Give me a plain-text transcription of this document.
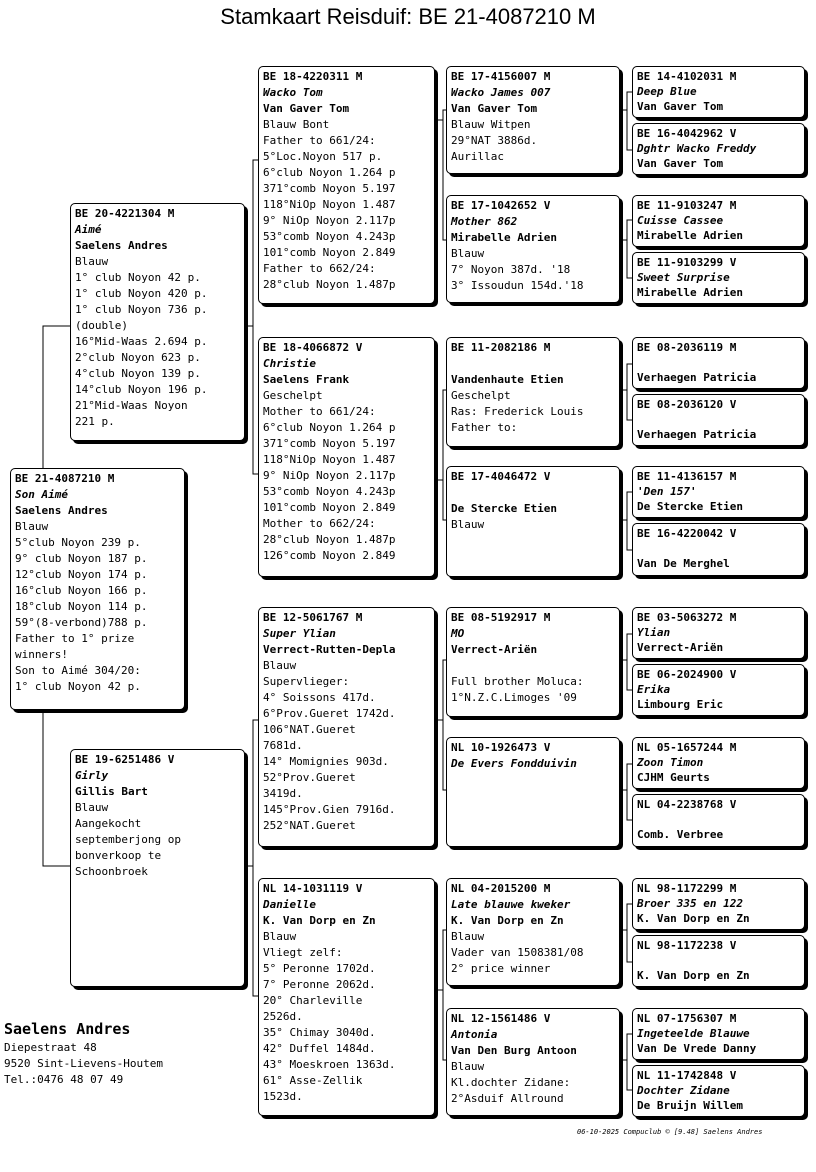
Stamkaart Reisduif: BE 21-4087210 M
BE 21-4087210 M
Son Aimé
Saelens Andres
Blauw
5°club Noyon 239 p.
9° club Noyon 187 p.
12°club Noyon 174 p.
16°club Noyon 166 p.
18°club Noyon 114 p.
59°(8-verbond)788 p.
Father to 1° prize
winners!
Son to Aimé 304/20:
1° club Noyon 42 p.
BE 20-4221304 M
Aimé
Saelens Andres
Blauw
1° club Noyon 42 p.
1° club Noyon 420 p.
1° club Noyon 736 p.
(double)
16°Mid-Waas 2.694 p.
2°club Noyon 623 p.
4°club Noyon 139 p.
14°club Noyon 196 p.
21°Mid-Waas Noyon
221 p.
BE 19-6251486 V
Girly
Gillis Bart
Blauw
Aangekocht
septemberjong op
bonverkoop te
Schoonbroek
BE 18-4220311 M
Wacko Tom
Van Gaver Tom
Blauw Bont
Father to 661/24:
5°Loc.Noyon 517 p.
6°club Noyon 1.264 p
371°comb Noyon 5.197
118°NiOp Noyon 1.487
9° NiOp Noyon 2.117p
53°comb Noyon 4.243p
101°comb Noyon 2.849
Father to 662/24:
28°club Noyon 1.487p
BE 18-4066872 V
Christie
Saelens Frank
Geschelpt
Mother to 661/24:
6°club Noyon 1.264 p
371°comb Noyon 5.197
118°NiOp Noyon 1.487
9° NiOp Noyon 2.117p
53°comb Noyon 4.243p
101°comb Noyon 2.849
Mother to 662/24:
28°club Noyon 1.487p
126°comb Noyon 2.849
BE 12-5061767 M
Super Ylian
Verrect-Rutten-Depla
Blauw
Supervlieger:
4° Soissons 417d.
6°Prov.Gueret 1742d.
106°NAT.Gueret
7681d.
14° Momignies 903d.
52°Prov.Gueret
3419d.
145°Prov.Gien 7916d.
252°NAT.Gueret
NL 14-1031119 V
Danielle
K. Van Dorp en Zn
Blauw
Vliegt zelf:
5° Peronne 1702d.
7° Peronne 2062d.
20° Charleville
2526d.
35° Chimay 3040d.
42° Duffel 1484d.
43° Moeskroen 1363d.
61° Asse-Zellik
1523d.
BE 17-4156007 M
Wacko James 007
Van Gaver Tom
Blauw Witpen
29°NAT 3886d.
Aurillac
BE 17-1042652 V
Mother 862
Mirabelle Adrien
Blauw
7° Noyon 387d. '18
3° Issoudun 154d.'18
BE 11-2082186 M
Vandenhaute Etien
Geschelpt
Ras: Frederick Louis
Father to:
BE 17-4046472 V
De Stercke Etien
Blauw
BE 08-5192917 M
MO
Verrect-Ariën
Full brother Moluca:
1°N.Z.C.Limoges '09
NL 10-1926473 V
De Evers Fondduivin
NL 04-2015200 M
Late blauwe kweker
K. Van Dorp en Zn
Blauw
Vader van 1508381/08
2° price winner
NL 12-1561486 V
Antonia
Van Den Burg Antoon
Blauw
Kl.dochter Zidane:
2°Asduif Allround
BE 14-4102031 M
Deep Blue
Van Gaver Tom
BE 16-4042962 V
Dghtr Wacko Freddy
Van Gaver Tom
BE 11-9103247 M
Cuisse Cassee
Mirabelle Adrien
BE 11-9103299 V
Sweet Surprise
Mirabelle Adrien
BE 08-2036119 M
Verhaegen Patricia
BE 08-2036120 V
Verhaegen Patricia
BE 11-4136157 M
'Den 157'
De Stercke Etien
BE 16-4220042 V
Van De Merghel
BE 03-5063272 M
Ylian
Verrect-Ariën
BE 06-2024900 V
Erika
Limbourg Eric
NL 05-1657244 M
Zoon Timon
CJHM Geurts
NL 04-2238768 V
Comb. Verbree
NL 98-1172299 M
Broer 335 en 122
K. Van Dorp en Zn
NL 98-1172238 V
K. Van Dorp en Zn
NL 07-1756307 M
Ingeteelde Blauwe
Van De Vrede Danny
NL 11-1742848 V
Dochter Zidane
De Bruijn Willem
Saelens Andres
Diepestraat 48
9520 Sint-Lievens-Houtem
Tel.:0476 48 07 49
06-10-2025 Compuclub © [9.48] Saelens Andres
